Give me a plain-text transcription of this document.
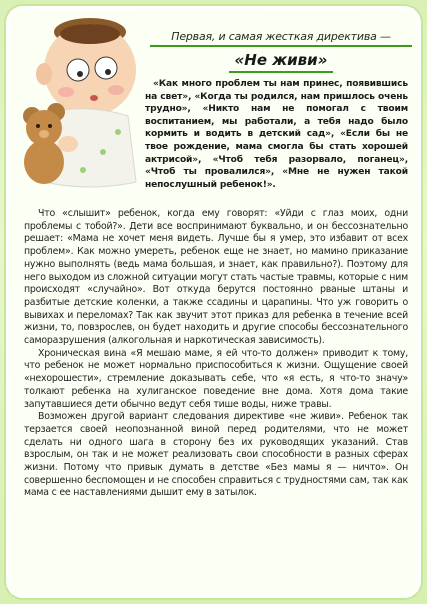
Первая, и самая жесткая директива —
«Не живи»
«Как много проблем ты нам принес, появившись на свет», «Когда ты родился, нам пришлось очень трудно», «Никто нам не помогал с твоим воспитанием, мы работали, а тебя надо было кормить и водить в детский сад», «Если бы не твое рождение, мама смогла бы стать хорошей актрисой», «Чтоб тебя разорвало, поганец», «Чтоб ты провалился», «Мне не нужен такой непослушный ребенок!».

Что «слышит» ребенок, когда ему говорят: «Уйди с глаз моих, одни проблемы с тобой?». Дети все воспринимают буквально, и он бессознательно решает: «Мама не хочет меня видеть. Лучше бы я умер, это избавит от всех проблем». Как можно умереть, ребенок еще не знает, но мамино приказание нужно выполнять (ведь мама большая, и знает, как правильно?). Поэтому для него выходом из сложной ситуации могут стать частые травмы, которые с ним происходят «случайно». Вот откуда берутся постоянно рваные штаны и разбитые детские коленки, а также ссадины и царапины. Что уж говорить о вывихах и переломах? Так как звучит этот приказ для ребенка в течение всей жизни, то, повзрослев, он будет находить и другие способы бессознательного саморазрушения (алкогольная и наркотическая зависимость).

Хроническая вина «Я мешаю маме, я ей что-то должен» приводит к тому, что ребенок не может нормально приспособиться к жизни. Ощущение своей «нехорошести», стремление доказывать себе, что «я есть, я что-то значу» толкают ребенка на хулиганское поведение вне дома. Хотя дома такие запутавшиеся дети обычно ведут себя тише воды, ниже травы.

Возможен другой вариант следования директиве «не живи». Ребенок так терзается своей неопознанной виной перед родителями, что не может сделать ни одного шага в сторону без их руководящих указаний. Став взрослым, он так и не может реализовать свои способности в разных сферах жизни. Потому что привык думать в детстве «Без мамы я — ничто». Он совершенно беспомощен и не способен справиться с трудностями сам, так как мама с ее наставлениями дышит ему в затылок.
